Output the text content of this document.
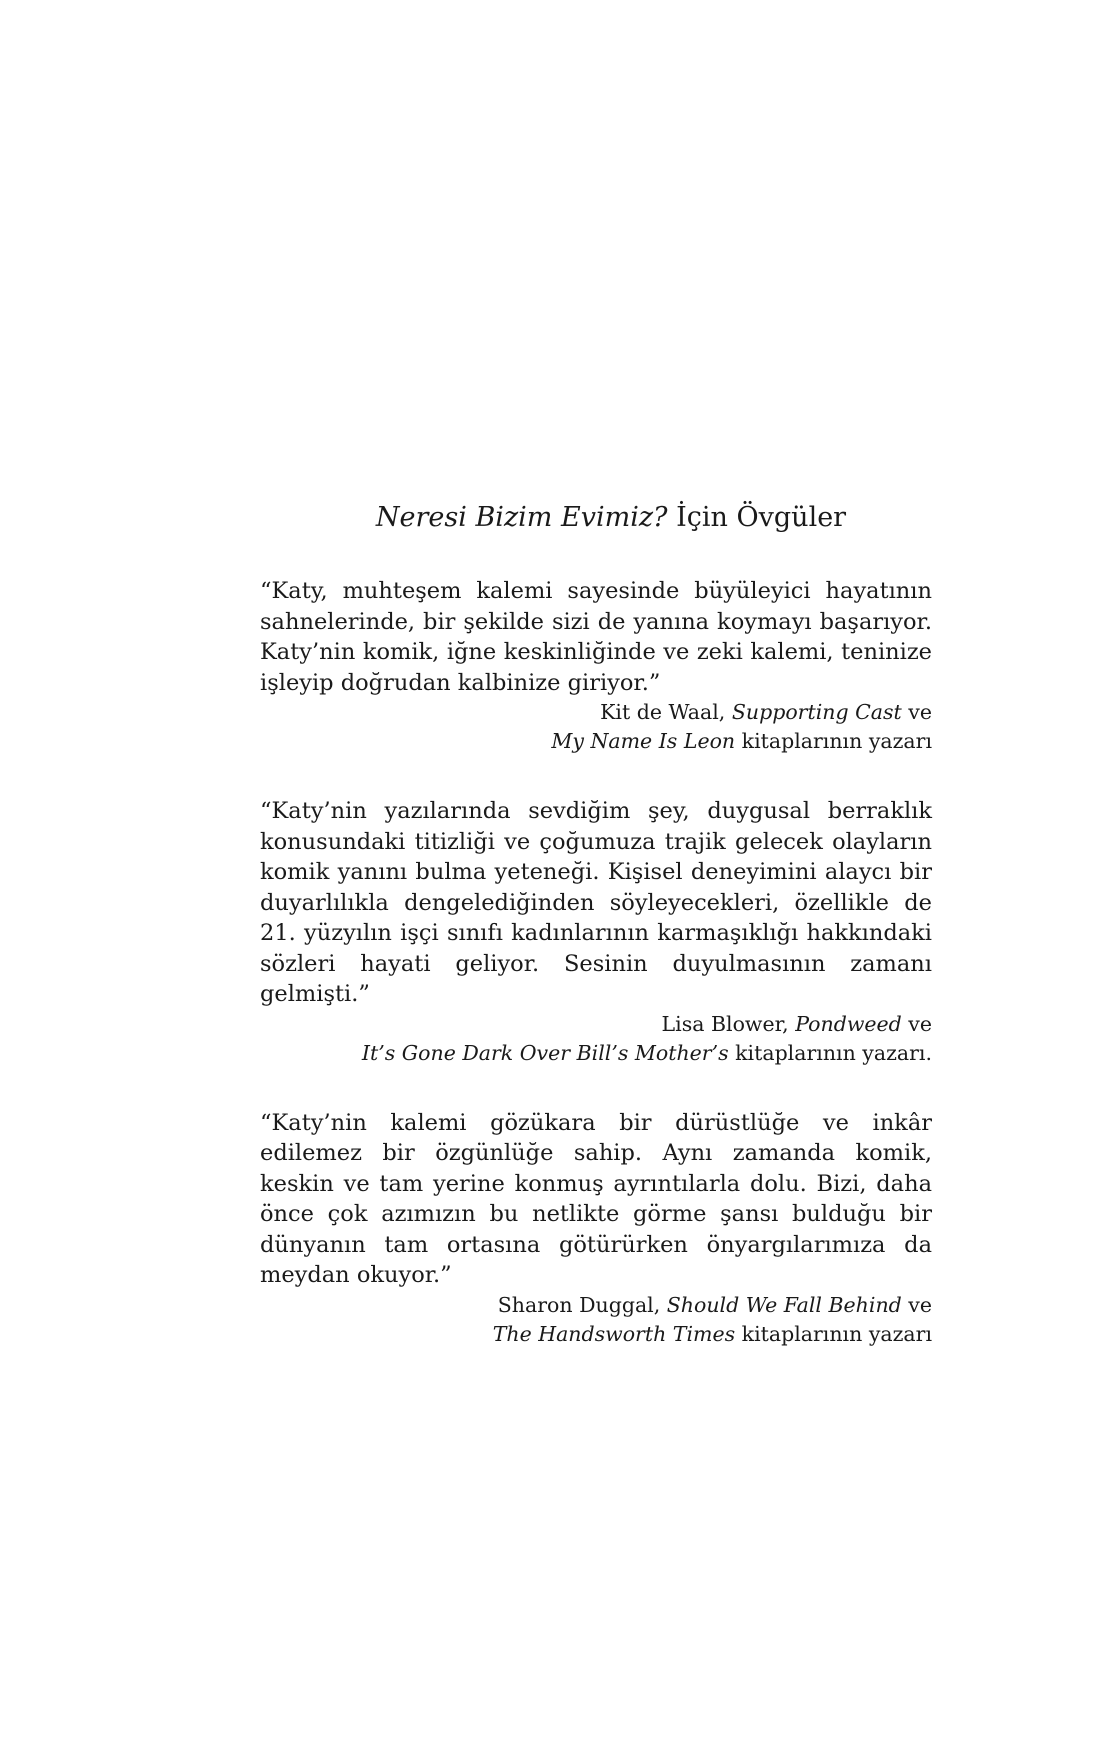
Neresi Bizim Evimiz? İçin Övgüler

“Katy, muhteşem kalemi sayesinde büyüleyici hayatının sahnelerinde, bir şekilde sizi de yanına koymayı başarıyor. Katy’nin komik, iğne keskinliğinde ve zeki kalemi, teninize işleyip doğrudan kalbinize giriyor.”

Kit de Waal, Supporting Cast ve

My Name Is Leon kitaplarının yazarı

“Katy’nin yazılarında sevdiğim şey, duygusal berraklık konusundaki titizliği ve çoğumuza trajik gelecek olayların komik yanını bulma yeteneği. Kişisel deneyimini alaycı bir duyarlılıkla dengelediğinden söyleyecekleri, özellikle de 21. yüzyılın işçi sınıfı kadınlarının karmaşıklığı hakkındaki sözleri hayati geliyor. Sesinin duyulmasının zamanı gelmişti.”

Lisa Blower, Pondweed ve

It’s Gone Dark Over Bill’s Mother’s kitaplarının yazarı.

“Katy’nin kalemi gözükara bir dürüstlüğe ve inkâr edilemez bir özgünlüğe sahip. Aynı zamanda komik, keskin ve tam yerine konmuş ayrıntılarla dolu. Bizi, daha önce çok azımızın bu netlikte görme şansı bulduğu bir dünyanın tam ortasına götürürken önyargılarımıza da meydan okuyor.”

Sharon Duggal, Should We Fall Behind ve

The Handsworth Times kitaplarının yazarı
